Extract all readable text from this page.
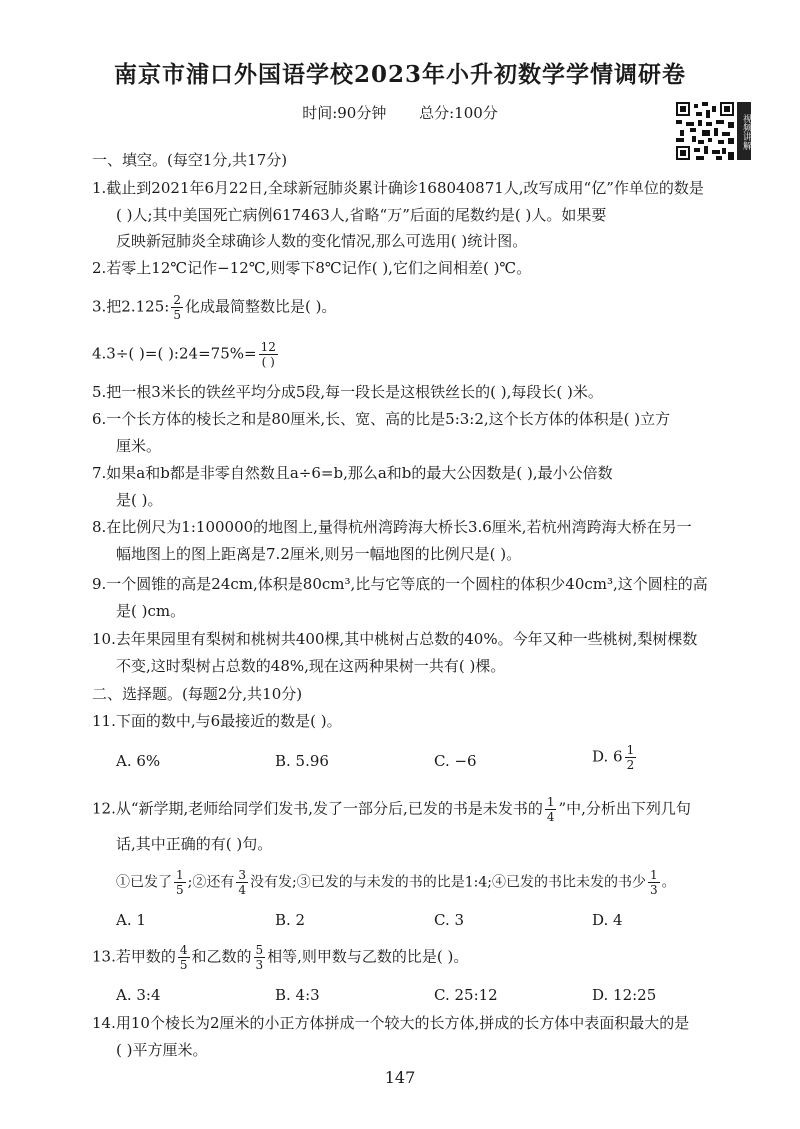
南京市浦口外国语学校2023年小升初数学学情调研卷
时间:90分钟 总分:100分
视频讲解
一、填空。(每空1分,共17分)
1.截止到2021年6月22日,全球新冠肺炎累计确诊168040871人,改写成用“亿”作单位的数是
( )人;其中美国死亡病例617463人,省略“万”后面的尾数约是( )人。如果要
反映新冠肺炎全球确诊人数的变化情况,那么可选用( )统计图。
2.若零上12℃记作−12℃,则零下8℃记作( ),它们之间相差( )℃。
3.把2.125: $\frac{2}{5}$ 化成最简整数比是( )。
4.3÷( )=( ):24=75%= $\frac{12}{( )}$
5.把一根3米长的铁丝平均分成5段,每一段长是这根铁丝长的( ),每段长( )米。
6.一个长方体的棱长之和是80厘米,长、宽、高的比是5:3:2,这个长方体的体积是( )立方
厘米。
7.如果a和b都是非零自然数且a÷6=b,那么a和b的最大公因数是( ),最小公倍数
是( )。
8.在比例尺为1:100000的地图上,量得杭州湾跨海大桥长3.6厘米,若杭州湾跨海大桥在另一
幅地图上的图上距离是7.2厘米,则另一幅地图的比例尺是( )。
9.一个圆锥的高是24cm,体积是80cm³,比与它等底的一个圆柱的体积少40cm³,这个圆柱的高
是( )cm。
10.去年果园里有梨树和桃树共400棵,其中桃树占总数的40%。今年又种一些桃树,梨树棵数
不变,这时梨树占总数的48%,现在这两种果树一共有( )棵。
二、选择题。(每题2分,共10分)
11.下面的数中,与6最接近的数是( )。
A. 6%	B. 5.96	C. −6	D. $6 \frac{1}{2}$
12.从“新学期,老师给同学们发书,发了一部分后,已发的书是未发书的 $\frac{1}{4}$ ”中,分析出下列几句
话,其中正确的有( )句。
①已发了 $\frac{1}{5}$ ;②还有 $\frac{3}{4}$ 没有发;③已发的与未发的书的比是1:4;④已发的书比未发的书少 $\frac{1}{3}$ 。
A. 1	B. 2	C. 3	D. 4
13.若甲数的 $\frac{4}{5}$ 和乙数的 $\frac{5}{3}$ 相等,则甲数与乙数的比是( )。
A. 3:4	B. 4:3	C. 25:12	D. 12:25
14.用10个棱长为2厘米的小正方体拼成一个较大的长方体,拼成的长方体中表面积最大的是
( )平方厘米。
147
